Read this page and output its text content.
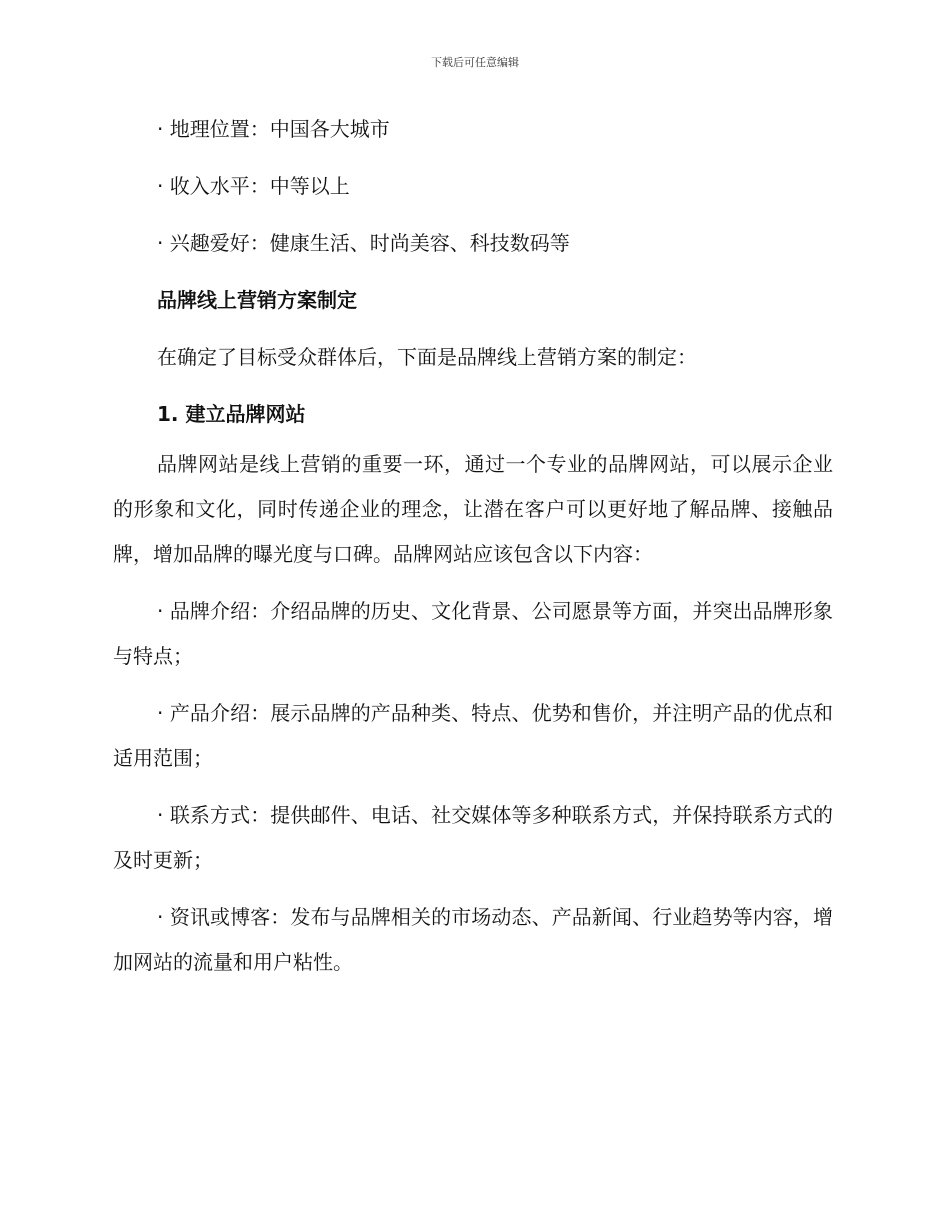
下载后可任意编辑

· 地理位置：中国各大城市

· 收入水平：中等以上

· 兴趣爱好：健康生活、时尚美容、科技数码等

品牌线上营销方案制定

在确定了目标受众群体后，下面是品牌线上营销方案的制定：

1. 建立品牌网站

品牌网站是线上营销的重要一环，通过一个专业的品牌网站，可以展示企业的形象和文化，同时传递企业的理念，让潜在客户可以更好地了解品牌、接触品牌，增加品牌的曝光度与口碑。品牌网站应该包含以下内容：

· 品牌介绍：介绍品牌的历史、文化背景、公司愿景等方面，并突出品牌形象与特点；

· 产品介绍：展示品牌的产品种类、特点、优势和售价，并注明产品的优点和适用范围；

· 联系方式：提供邮件、电话、社交媒体等多种联系方式，并保持联系方式的及时更新；

· 资讯或博客：发布与品牌相关的市场动态、产品新闻、行业趋势等内容，增加网站的流量和用户粘性。
